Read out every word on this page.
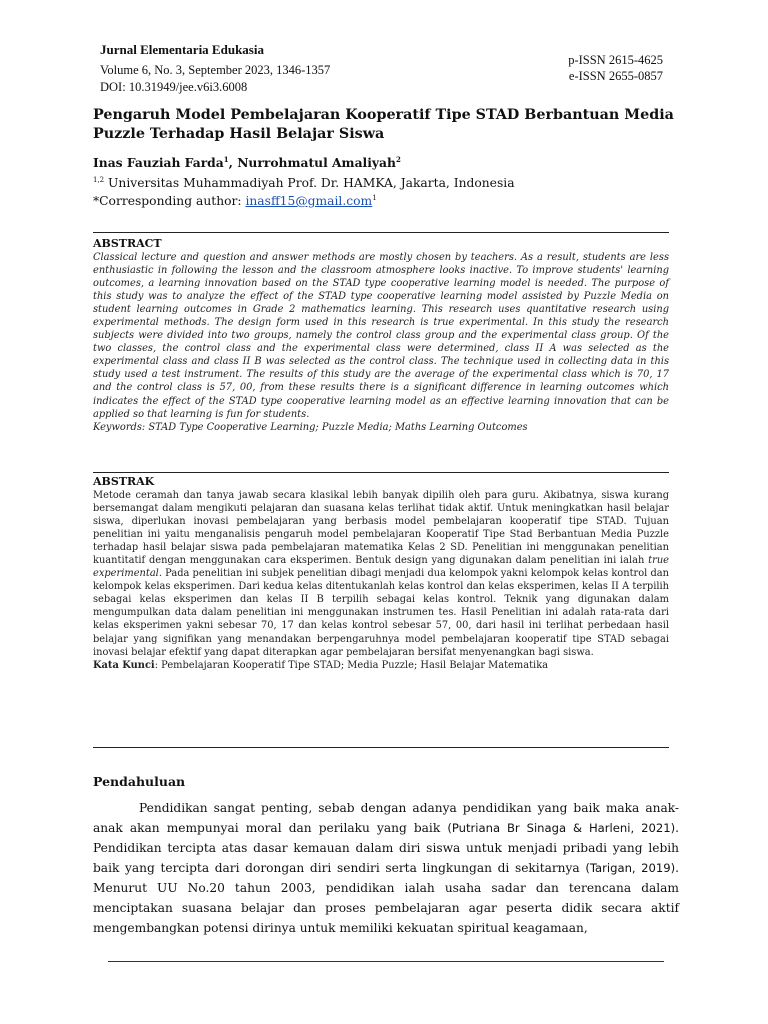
Jurnal Elementaria Edukasia
Volume 6, No. 3, September 2023, 1346-1357
DOI: 10.31949/jee.v6i3.6008
p-ISSN 2615-4625
e-ISSN 2655-0857
Pengaruh Model Pembelajaran Kooperatif Tipe STAD Berbantuan Media Puzzle Terhadap Hasil Belajar Siswa
Inas Fauziah Farda$^1$, Nurrohmatul Amaliyah$^2$
$^{1,2}$ Universitas Muhammadiyah Prof. Dr. HAMKA, Jakarta, Indonesia
*Corresponding author: inasff15@gmail.com$^1$
ABSTRACT
Classical lecture and question and answer methods are mostly chosen by teachers. As a result, students are less enthusiastic in following the lesson and the classroom atmosphere looks inactive. To improve students' learning outcomes, a learning innovation based on the STAD type cooperative learning model is needed. The purpose of this study was to analyze the effect of the STAD type cooperative learning model assisted by Puzzle Media on student learning outcomes in Grade 2 mathematics learning. This research uses quantitative research using experimental methods. The design form used in this research is true experimental. In this study the research subjects were divided into two groups, namely the control class group and the experimental class group. Of the two classes, the control class and the experimental class were determined, class II A was selected as the experimental class and class II B was selected as the control class. The technique used in collecting data in this study used a test instrument. The results of this study are the average of the experimental class which is 70, 17 and the control class is 57, 00, from these results there is a significant difference in learning outcomes which indicates the effect of the STAD type cooperative learning model as an effective learning innovation that can be applied so that learning is fun for students.
Keywords: STAD Type Cooperative Learning; Puzzle Media; Maths Learning Outcomes
ABSTRAK
Metode ceramah dan tanya jawab secara klasikal lebih banyak dipilih oleh para guru. Akibatnya, siswa kurang bersemangat dalam mengikuti pelajaran dan suasana kelas terlihat tidak aktif. Untuk meningkatkan hasil belajar siswa, diperlukan inovasi pembelajaran yang berbasis model pembelajaran kooperatif tipe STAD. Tujuan penelitian ini yaitu menganalisis pengaruh model pembelajaran Kooperatif Tipe Stad Berbantuan Media Puzzle terhadap hasil belajar siswa pada pembelajaran matematika Kelas 2 SD. Penelitian ini menggunakan penelitian kuantitatif dengan menggunakan cara eksperimen. Bentuk design yang digunakan dalam penelitian ini ialah true experimental. Pada penelitian ini subjek penelitian dibagi menjadi dua kelompok yakni kelompok kelas kontrol dan kelompok kelas eksperimen. Dari kedua kelas ditentukanlah kelas kontrol dan kelas eksperimen, kelas II A terpilih sebagai kelas eksperimen dan kelas II B terpilih sebagai kelas kontrol. Teknik yang digunakan dalam mengumpulkan data dalam penelitian ini menggunakan instrumen tes. Hasil Penelitian ini adalah rata-rata dari kelas eksperimen yakni sebesar 70, 17 dan kelas kontrol sebesar 57, 00, dari hasil ini terlihat perbedaan hasil belajar yang signifikan yang menandakan berpengaruhnya model pembelajaran kooperatif tipe STAD sebagai inovasi belajar efektif yang dapat diterapkan agar pembelajaran bersifat menyenangkan bagi siswa.
Kata Kunci: Pembelajaran Kooperatif Tipe STAD; Media Puzzle; Hasil Belajar Matematika
Pendahuluan
Pendidikan sangat penting, sebab dengan adanya pendidikan yang baik maka anak-anak akan mempunyai moral dan perilaku yang baik (Putriana Br Sinaga & Harleni, 2021). Pendidikan tercipta atas dasar kemauan dalam diri siswa untuk menjadi pribadi yang lebih baik yang tercipta dari dorongan diri sendiri serta lingkungan di sekitarnya (Tarigan, 2019). Menurut UU No.20 tahun 2003, pendidikan ialah usaha sadar dan terencana dalam menciptakan suasana belajar dan proses pembelajaran agar peserta didik secara aktif mengembangkan potensi dirinya untuk memiliki kekuatan spiritual keagamaan,
